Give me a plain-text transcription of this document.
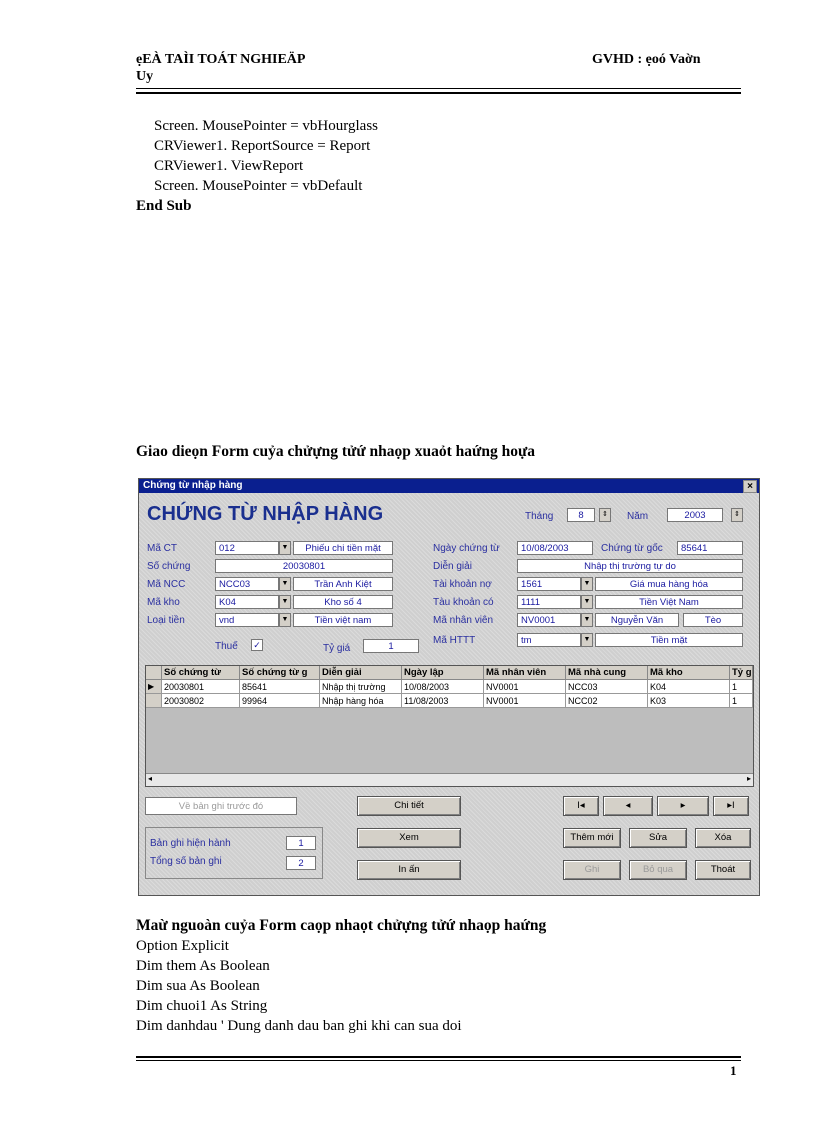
ẹEÀ TAÌI TOÁT NGHIEÄP
Uy
GVHD : ẹoó Vaờn
Screen. MousePointer = vbHourglass
CRViewer1. ReportSource = Report
CRViewer1. ViewReport
Screen. MousePointer = vbDefault
End Sub
Giao dieọn Form cuỷa chửựng tửứ nhaọp xuaỏt haứng hoựa
Chứng từ nhập hàng	×
CHỨNG TỪ NHẬP HÀNG	Tháng	8	⇕	Năm	2003	⇕
Mã CT	012	▼	Phiếu chi tiền mặt
Số chứng	20030801
Mã NCC	NCC03	▼	Trần Anh Kiệt
Mã kho	K04	▼	Kho số 4
Loại tiền	vnd	▼	Tiền việt nam
Thuế ✓	Tỷ giá	1
Ngày chứng từ	10/08/2003	Chứng từ gốc	85641
Diễn giải	Nhập thị trường tự do
Tài khoản nợ	1561	▼	Giá mua hàng hóa
Tàu khoản có	1111	▼	Tiền Việt Nam
Mã nhân viên	NV0001	▼	Nguyễn Văn	Tèo
Mã HTTT	tm	▼	Tiền mặt
Số chứng từ	Số chứng từ g	Diễn giải	Ngày lập	Mã nhân viên	Mã nhà cung	Mã kho	Tỷ g
▶	20030801	85641	Nhập thị trường	10/08/2003	NV0001	NCC03	K04	1
20030802	99964	Nhập hàng hóa	11/08/2003	NV0001	NCC02	K03	1
◂	▸
Về bản ghi trước đó
Bản ghi hiện hành	1
Tổng số bản ghi	2
Chi tiết
Xem
In ấn
I◂	◂	▸	▸I
Thêm mới	Sửa	Xóa
Ghi	Bỏ qua	Thoát
Maừ nguoàn cuỷa Form caọp nhaọt chửựng tửứ nhaọp haứng
Option Explicit
Dim them As Boolean
Dim sua As Boolean
Dim chuoi1 As String
Dim danhdau ' Dung danh dau ban ghi khi can sua doi
1
